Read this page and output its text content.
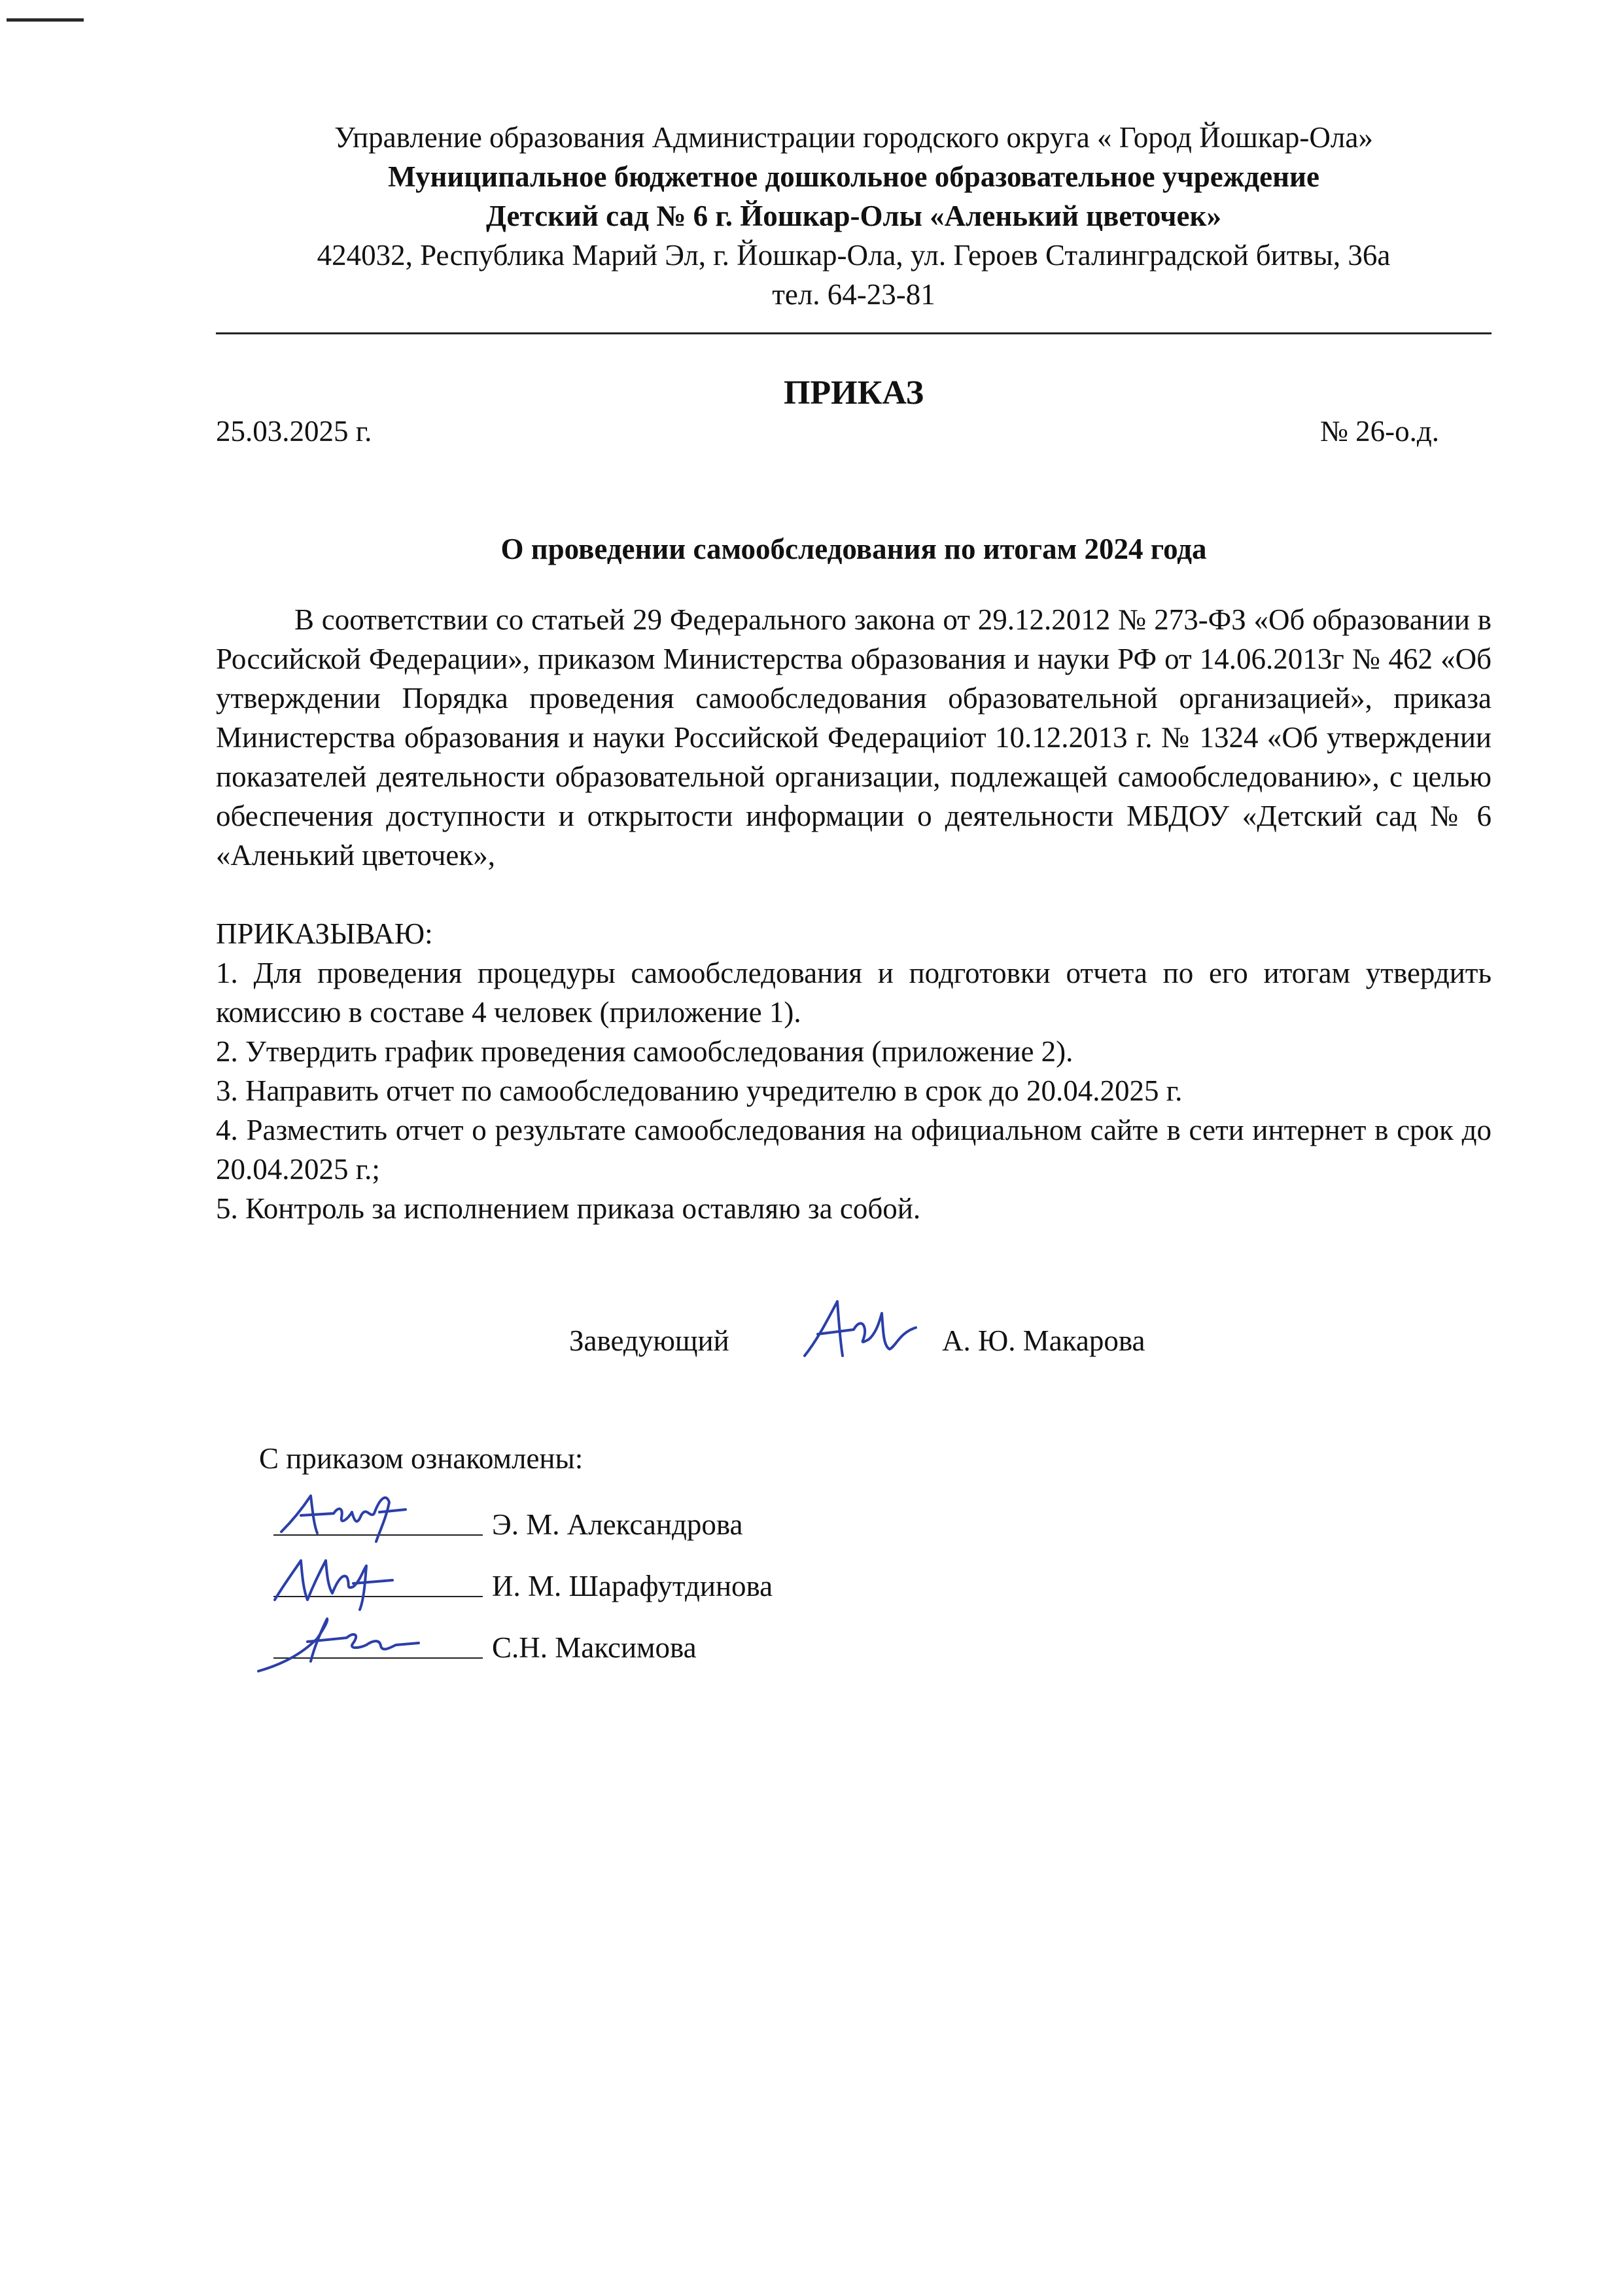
Управление образования Администрации городского округа « Город Йошкар-Ола»
Муниципальное бюджетное дошкольное образовательное учреждение
Детский сад № 6 г. Йошкар-Олы «Аленький цветочек»
424032, Республика Марий Эл, г. Йошкар-Ола, ул. Героев Сталинградской битвы, 36а
тел. 64-23-81
ПРИКАЗ
25.03.2025 г.	№ 26-о.д.
О проведении самообследования по итогам 2024 года
В соответствии со статьей 29 Федерального закона от 29.12.2012 № 273-ФЗ «Об образовании в Российской Федерации», приказом Министерства образования и науки РФ от 14.06.2013г № 462 «Об утверждении Порядка проведения самообследования образовательной организацией», приказа Министерства образования и науки Российской Федерациiот 10.12.2013 г. № 1324 «Об утверждении показателей деятельности образовательной организации, подлежащей самообследованию», с целью обеспечения доступности и открытости информации о деятельности МБДОУ «Детский сад № 6 «Аленький цветочек»,
ПРИКАЗЫВАЮ:

1. Для проведения процедуры самообследования и подготовки отчета по его итогам утвердить комиссию в составе 4 человек (приложение 1).

2. Утвердить график проведения самообследования (приложение 2).

3. Направить отчет по самообследованию учредителю в срок до 20.04.2025 г.

4. Разместить отчет о результате самообследования на официальном сайте в сети интернет в срок до 20.04.2025 г.;

5. Контроль за исполнением приказа оставляю за собой.

Заведующий	А. Ю. Макарова
С приказом ознакомлены:
Э. М. Александрова
И. М. Шарафутдинова
С.Н. Максимова
